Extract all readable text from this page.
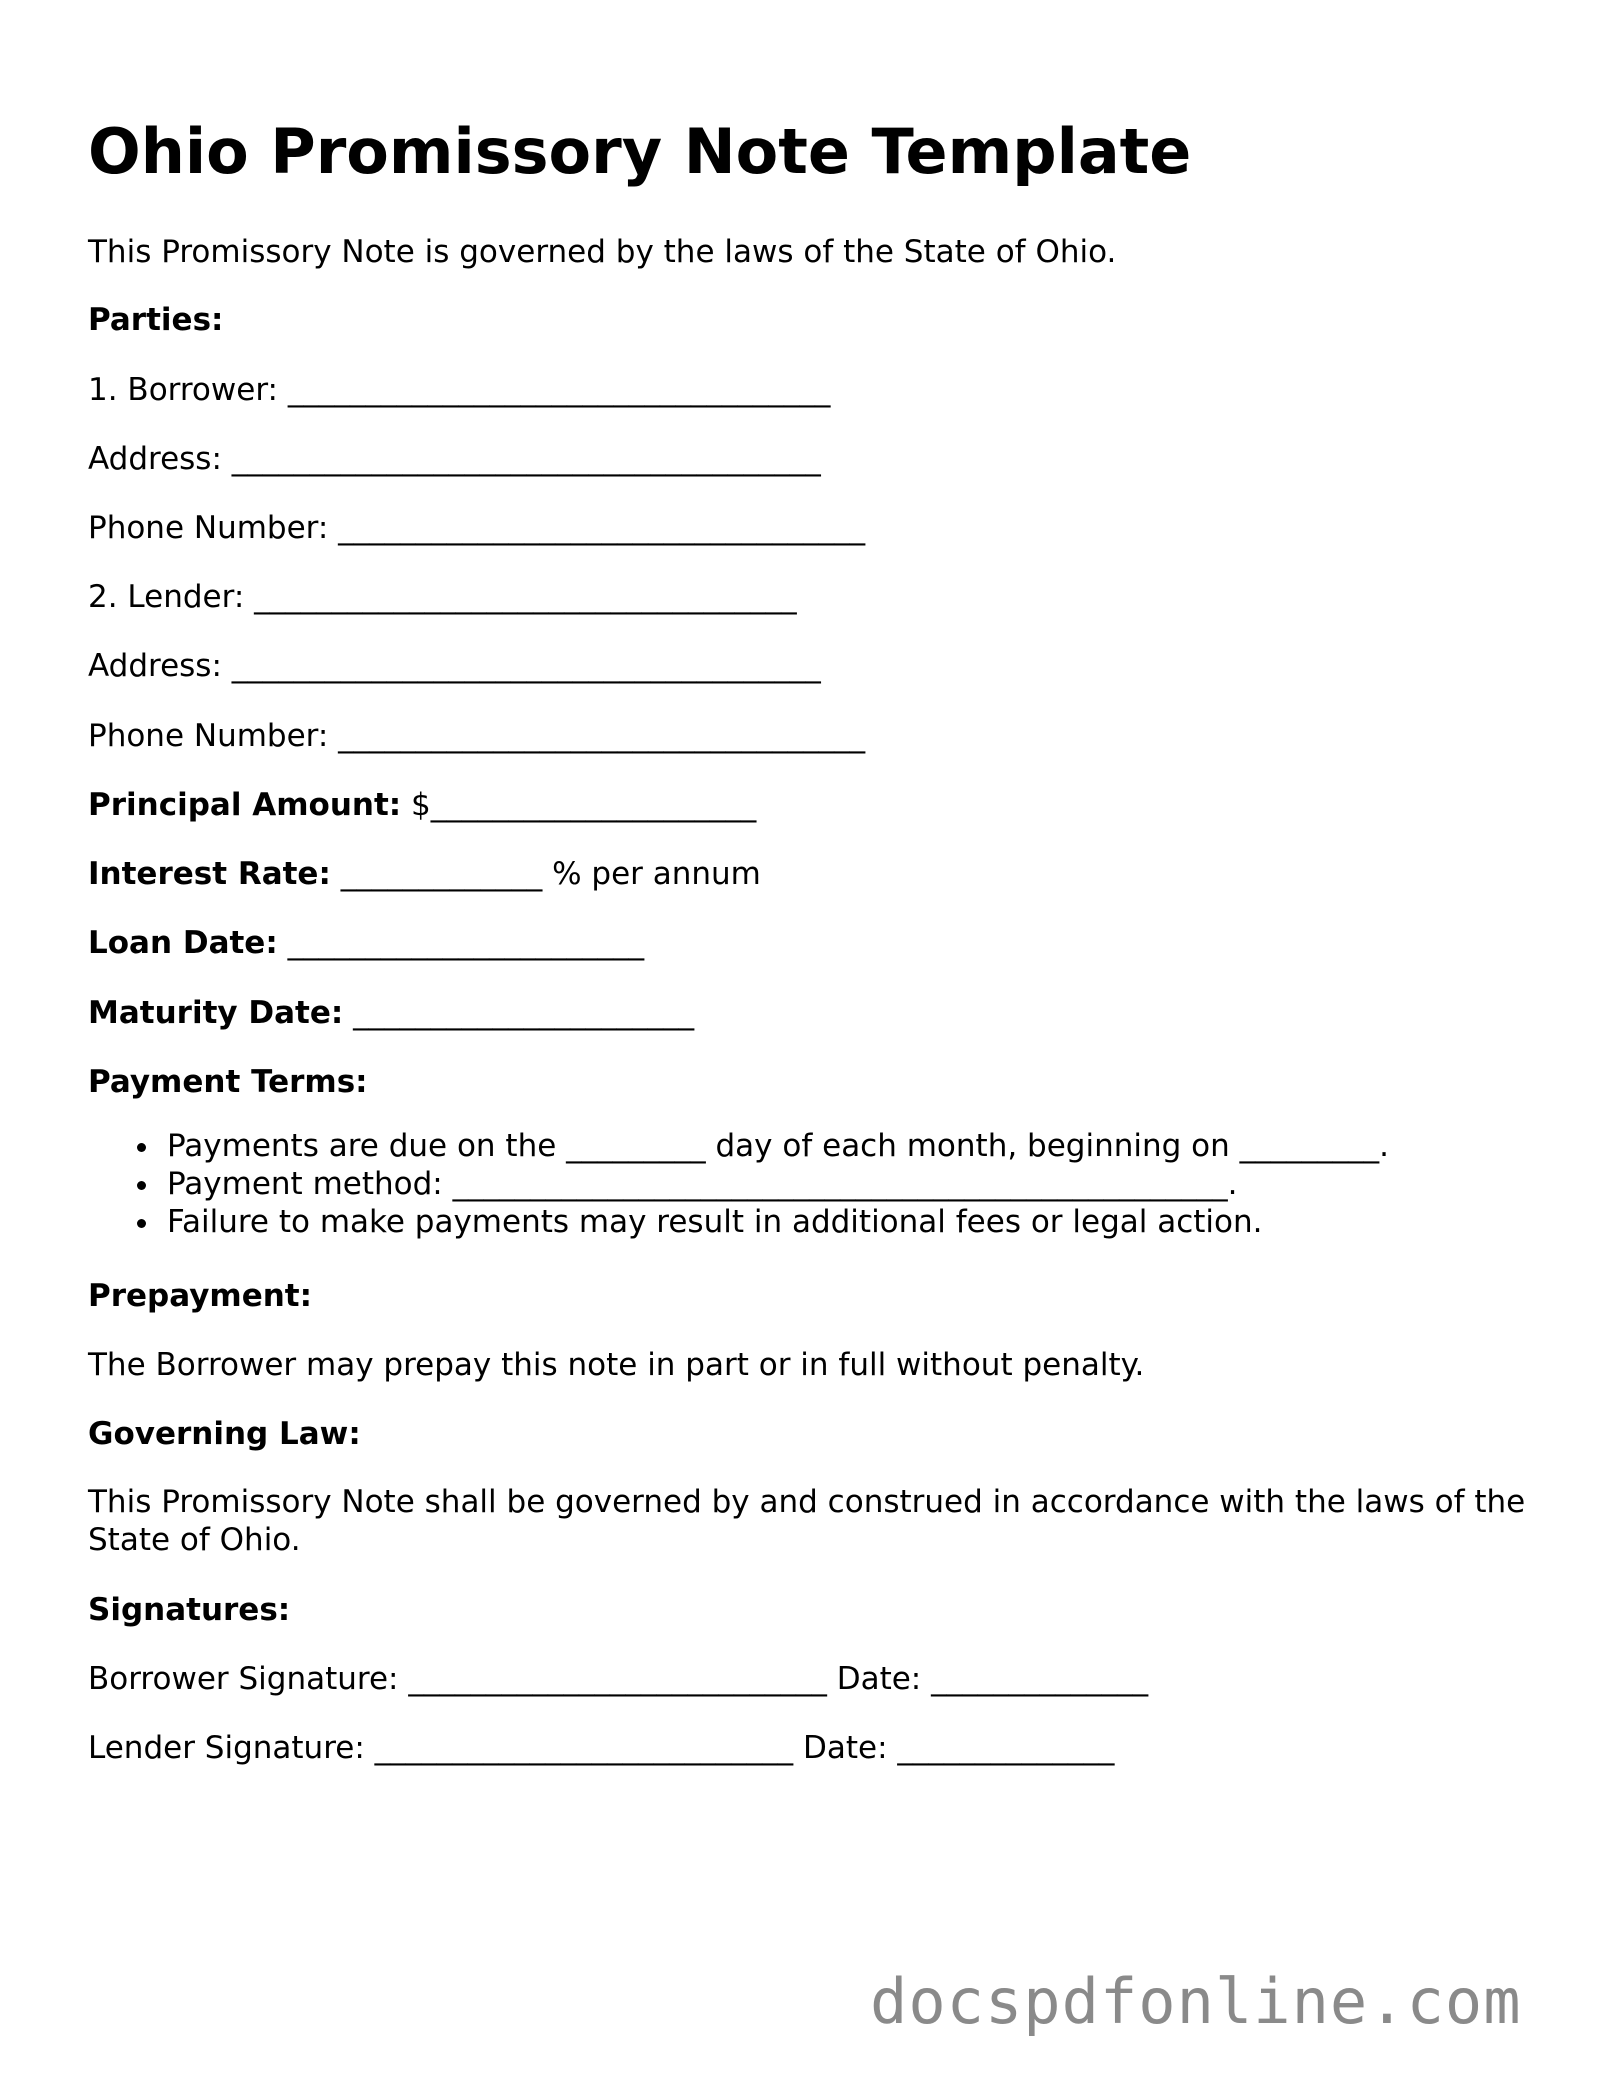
Ohio Promissory Note Template

This Promissory Note is governed by the laws of the State of Ohio.

Parties:

1. Borrower: ___________________________________

Address: ______________________________________

Phone Number: __________________________________

2. Lender: ___________________________________

Address: ______________________________________

Phone Number: __________________________________

Principal Amount: $_____________________

Interest Rate: _____________ % per annum

Loan Date: _______________________

Maturity Date: ______________________

Payment Terms:

Payments are due on the _________ day of each month, beginning on _________.
Payment method: __________________________________________________.
Failure to make payments may result in additional fees or legal action.

Prepayment:

The Borrower may prepay this note in part or in full without penalty.

Governing Law:

This Promissory Note shall be governed by and construed in accordance with the laws of the State of Ohio.

Signatures:

Borrower Signature: ___________________________ Date: ______________

Lender Signature: ___________________________ Date: ______________

docspdfonline.com
